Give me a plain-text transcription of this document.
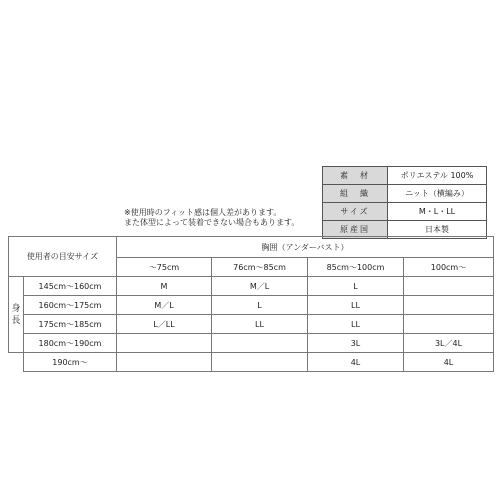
素　材	ポリエステル 100%
組　織	ニット（横編み）
サイズ	M・L・LL
原産国	日本製
※使用時のフィット感は個人差があります。
また体型によって装着できない場合もあります。
使用者の目安サイズ		胸囲（アンダーバスト）			
		～75cm	76cm～85cm	85cm～100cm	100cm～

身
長	145cm～160cm	M	M／L	L	
	160cm～175cm	M／L	L	LL	
	175cm～185cm	L／LL	LL	LL	
	180cm～190cm			3L	3L／4L
	190cm～			4L	4L
